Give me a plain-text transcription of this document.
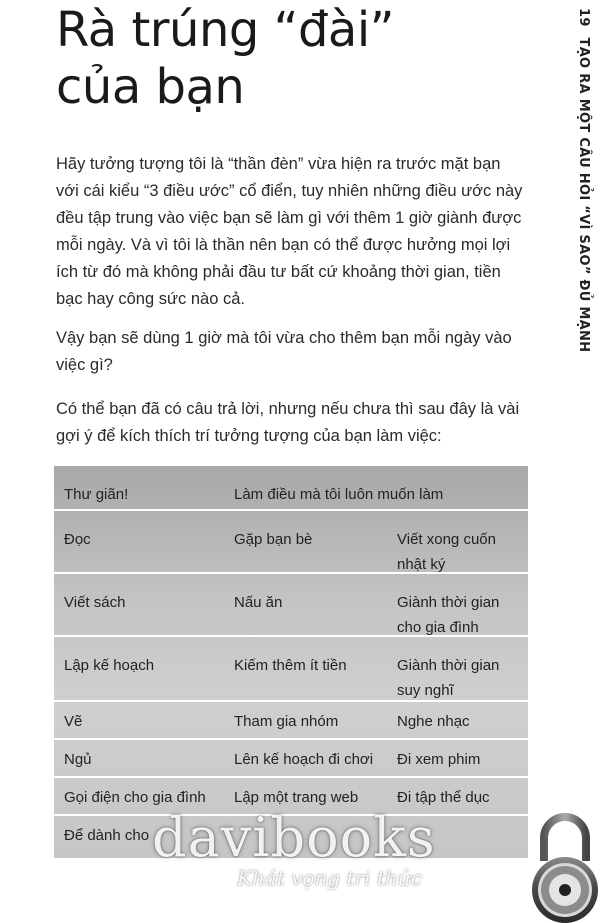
Rà trúng “đài”
của bạn
19 TẠO RA MỘT CÂU HỎI “VÌ SAO” ĐỦ MẠNH

Hãy tưởng tượng tôi là “thần đèn” vừa hiện ra trước mặt bạn với cái kiểu “3 điều ước” cổ điển, tuy nhiên những điều ước này đều tập trung vào việc bạn sẽ làm gì với thêm 1 giờ giành được mỗi ngày. Và vì tôi là thần nên bạn có thể được hưởng mọi lợi ích từ đó mà không phải đầu tư bất cứ khoảng thời gian, tiền bạc hay công sức nào cả.

Vậy bạn sẽ dùng 1 giờ mà tôi vừa cho thêm bạn mỗi ngày vào việc gì?

Có thể bạn đã có câu trả lời, nhưng nếu chưa thì sau đây là vài gợi ý để kích thích trí tưởng tượng của bạn làm việc:

Thư giãn!	Làm điều mà tôi luôn muốn làm
Đọc	Gặp bạn bè	Viết xong cuốn nhật ký
Viết sách	Nấu ăn	Giành thời gian cho gia đình
Lập kế hoạch	Kiếm thêm ít tiền	Giành thời gian suy nghĩ
Vẽ	Tham gia nhóm	Nghe nhạc
Ngủ	Lên kế hoạch đi chơi	Đi xem phim
Gọi điện cho gia đình	Lập một trang web	Đi tập thể dục
Để dành cho davibooks
Khát vọng tri thức
